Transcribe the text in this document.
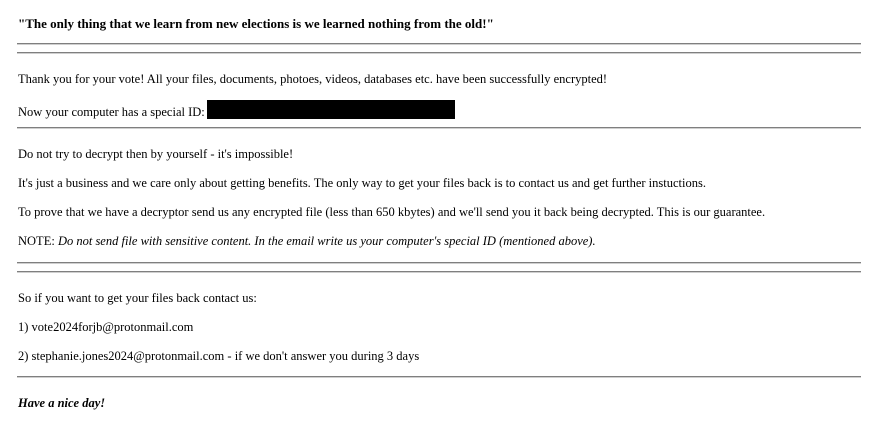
"The only thing that we learn from new elections is we learned nothing from the old!"
Thank you for your vote! All your files, documents, photoes, videos, databases etc. have been successfully encrypted!
Now your computer has a special ID:
Do not try to decrypt then by yourself - it's impossible!
It's just a business and we care only about getting benefits. The only way to get your files back is to contact us and get further instuctions.
To prove that we have a decryptor send us any encrypted file (less than 650 kbytes) and we'll send you it back being decrypted. This is our guarantee.
NOTE: Do not send file with sensitive content. In the email write us your computer's special ID (mentioned above).
So if you want to get your files back contact us:
1) vote2024forjb@protonmail.com
2) stephanie.jones2024@protonmail.com - if we don't answer you during 3 days
Have a nice day!
